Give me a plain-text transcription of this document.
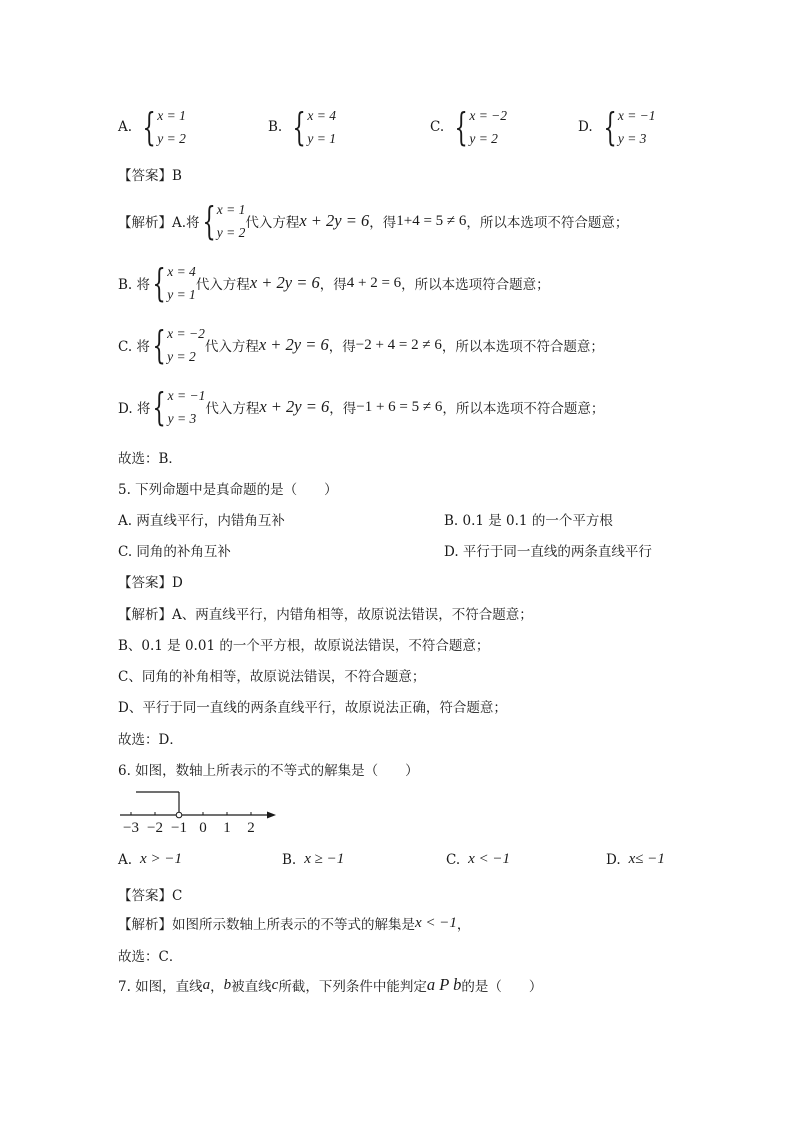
A. { x = 1
y = 2
B. { x = 4
y = 1
C. { x = −2
y = 2
D. { x = −1
y = 3
【答案】B
【解析】 A.将 { x = 1
y = 2
代入方程 x + 2y = 6 ，得 1+4 = 5 ≠ 6 ，所以本选项不符合题意；
B. 将 { x = 4
y = 1
代入方程 x + 2y = 6 ，得 4 + 2 = 6 ，所以本选项符合题意；
C. 将 { x = −2
y = 2
代入方程 x + 2y = 6 ，得 −2 + 4 = 2 ≠ 6 ，所以本选项不符合题意；
D. 将 { x = −1
y = 3
代入方程 x + 2y = 6 ，得 −1 + 6 = 5 ≠ 6 ，所以本选项不符合题意；
故选：B．
5. 下列命题中是真命题的是（　　）
A. 两直线平行，内错角互补	B. 0.1 是 0.1 的一个平方根
C. 同角的补角互补	D. 平行于同一直线的两条直线平行
【答案】D
【解析】A、两直线平行，内错角相等，故原说法错误，不符合题意；
B、0.1 是 0.01 的一个平方根，故原说法错误，不符合题意；
C、同角的补角相等，故原说法错误，不符合题意；
D、平行于同一直线的两条直线平行，故原说法正确，符合题意；
故选：D．
6. 如图，数轴上所表示的不等式的解集是（　　）
−3 −2 −1 0 1 2
A. x > −1	B. x ≥ −1	C. x < −1	D. x≤ −1
【答案】C
【解析】如图所示数轴上所表示的不等式的解集是 x < −1 ，
故选：C．
7. 如图，直线 a ， b 被直线 c 所截，下列条件中能判定 a P b 的是（　　）
